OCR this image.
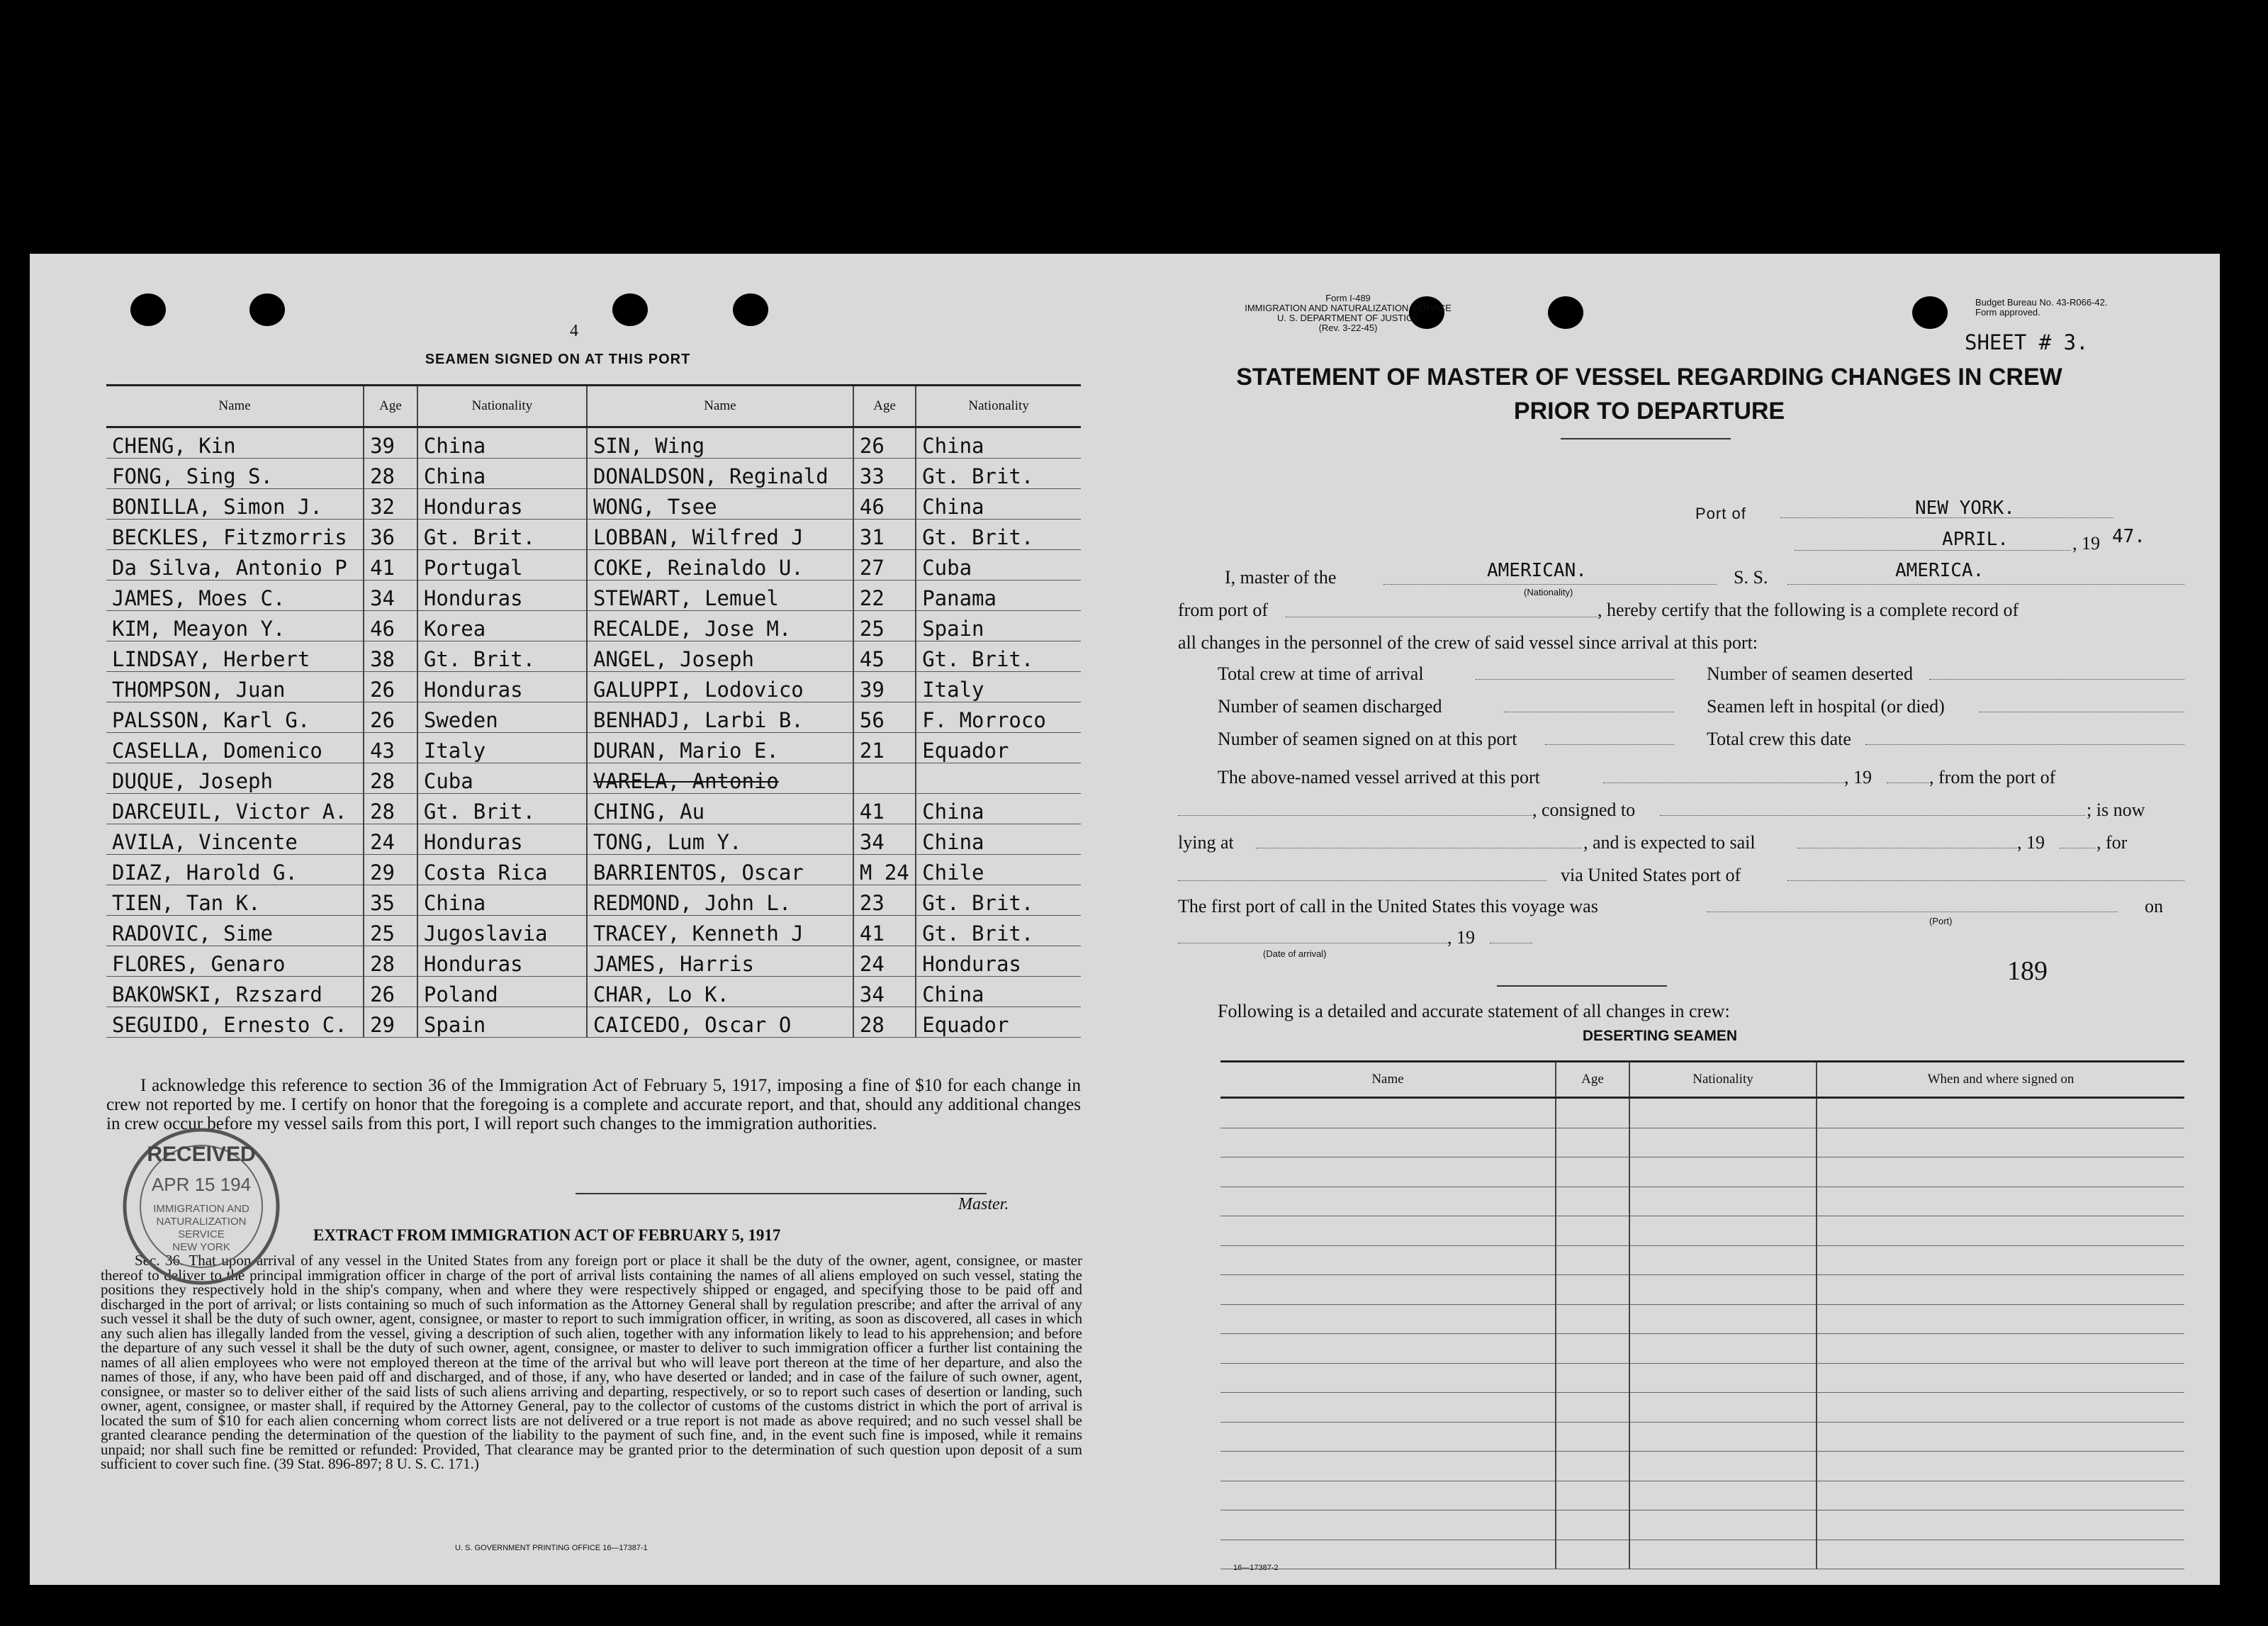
4
SEAMEN SIGNED ON AT THIS PORT
Name	Age	Nationality	Name	Age	Nationality
CHENG, Kin	39	China	SIN, Wing	26	China
FONG, Sing S.	28	China	DONALDSON, Reginald	33	Gt. Brit.
BONILLA, Simon J.	32	Honduras	WONG, Tsee	46	China
BECKLES, Fitzmorris	36	Gt. Brit.	LOBBAN, Wilfred J	31	Gt. Brit.
Da Silva, Antonio P	41	Portugal	COKE, Reinaldo U.	27	Cuba
JAMES, Moes C.	34	Honduras	STEWART, Lemuel	22	Panama
KIM, Meayon Y.	46	Korea	RECALDE, Jose M.	25	Spain
LINDSAY, Herbert	38	Gt. Brit.	ANGEL, Joseph	45	Gt. Brit.
THOMPSON, Juan	26	Honduras	GALUPPI, Lodovico	39	Italy
PALSSON, Karl G.	26	Sweden	BENHADJ, Larbi B.	56	F. Morroco
CASELLA, Domenico	43	Italy	DURAN, Mario E.	21	Equador
DUQUE, Joseph	28	Cuba	VARELA, Antonio		
DARCEUIL, Victor A.	28	Gt. Brit.	CHING, Au	41	China
AVILA, Vincente	24	Honduras	TONG, Lum Y.	34	China
DIAZ, Harold G.	29	Costa Rica	BARRIENTOS, Oscar	M 24	Chile
TIEN, Tan K.	35	China	REDMOND, John L.	23	Gt. Brit.
RADOVIC, Sime	25	Jugoslavia	TRACEY, Kenneth J	41	Gt. Brit.
FLORES, Genaro	28	Honduras	JAMES, Harris	24	Honduras
BAKOWSKI, Rzszard	26	Poland	CHAR, Lo K.	34	China
SEGUIDO, Ernesto C.	29	Spain	CAICEDO, Oscar O	28	Equador
I acknowledge this reference to section 36 of the Immigration Act of February 5, 1917, imposing a fine of $10 for each change in crew not reported by me. I certify on honor that the foregoing is a complete and accurate report, and that, should any additional changes in crew occur before my vessel sails from this port, I will report such changes to the immigration authorities.
Master.
EXTRACT FROM IMMIGRATION ACT OF FEBRUARY 5, 1917
Sec. 36. That upon arrival of any vessel in the United States from any foreign port or place it shall be the duty of the owner, agent, consignee, or master thereof to deliver to the principal immigration officer in charge of the port of arrival lists containing the names of all aliens employed on such vessel, stating the positions they respectively hold in the ship's company, when and where they were respectively shipped or engaged, and specifying those to be paid off and discharged in the port of arrival; or lists containing so much of such information as the Attorney General shall by regulation prescribe; and after the arrival of any such vessel it shall be the duty of such owner, agent, consignee, or master to report to such immigration officer, in writing, as soon as discovered, all cases in which any such alien has illegally landed from the vessel, giving a description of such alien, together with any information likely to lead to his apprehension; and before the departure of any such vessel it shall be the duty of such owner, agent, consignee, or master to deliver to such immigration officer a further list containing the names of all alien employees who were not employed thereon at the time of the arrival but who will leave port thereon at the time of her departure, and also the names of those, if any, who have been paid off and discharged, and of those, if any, who have deserted or landed; and in case of the failure of such owner, agent, consignee, or master so to deliver either of the said lists of such aliens arriving and departing, respectively, or so to report such cases of desertion or landing, such owner, agent, consignee, or master shall, if required by the Attorney General, pay to the collector of customs of the customs district in which the port of arrival is located the sum of $10 for each alien concerning whom correct lists are not delivered or a true report is not made as above required; and no such vessel shall be granted clearance pending the determination of the question of the liability to the payment of such fine, and, in the event such fine is imposed, while it remains unpaid; nor shall such fine be remitted or refunded: Provided, That clearance may be granted prior to the determination of such question upon deposit of a sum sufficient to cover such fine. (39 Stat. 896-897; 8 U. S. C. 171.)
U. S. GOVERNMENT PRINTING OFFICE 16—17387-1
RECEIVED
APR 15 194
IMMIGRATION AND
NATURALIZATION
SERVICE
NEW YORK
Form I-489
IMMIGRATION AND NATURALIZATION SERVICE
U. S. DEPARTMENT OF JUSTICE
(Rev. 3-22-45)
Budget Bureau No. 43-R066-42.
Form approved.
SHEET # 3.
STATEMENT OF MASTER OF VESSEL REGARDING CHANGES IN CREW
PRIOR TO DEPARTURE
Port of	NEW YORK.
APRIL.	, 19 47.
I, master of the	AMERICAN.
(Nationality)
S. S.	AMERICA.
from port of	, hereby certify that the following is a complete record of
all changes in the personnel of the crew of said vessel since arrival at this port:
Total crew at time of arrival	Number of seamen deserted
Number of seamen discharged	Seamen left in hospital (or died)
Number of seamen signed on at this port	Total crew this date
The above-named vessel arrived at this port	, 19	, from the port of
, consigned to	; is now
lying at	, and is expected to sail	, 19	, for
via United States port of
The first port of call in the United States this voyage was	on
(Port)
, 19
(Date of arrival)
189
Following is a detailed and accurate statement of all changes in crew:
DESERTING SEAMEN
Name	Age	Nationality	When and where signed on

16—17387-2
